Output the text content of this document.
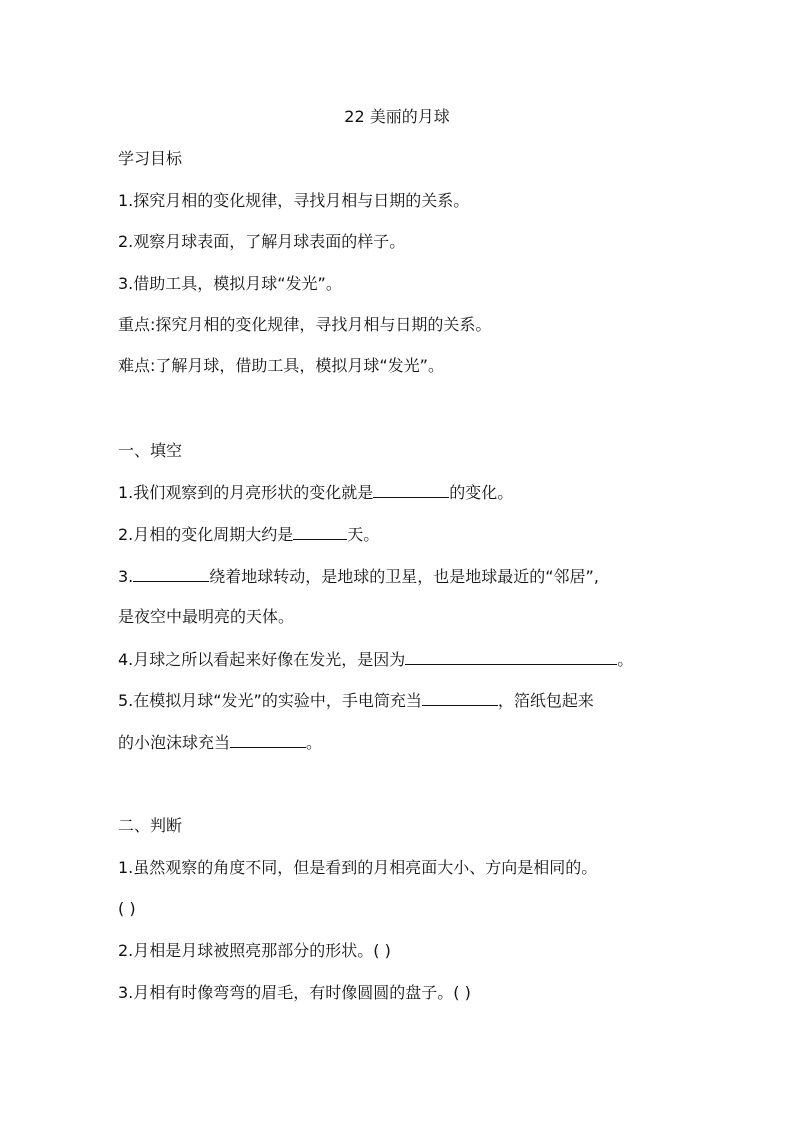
22 美丽的月球
学习目标
1.探究月相的变化规律，寻找月相与日期的关系。
2.观察月球表面，了解月球表面的样子。
3.借助工具，模拟月球“发光”。
重点:探究月相的变化规律，寻找月相与日期的关系。
难点:了解月球，借助工具，模拟月球“发光”。
一、填空
1.我们观察到的月亮形状的变化就是	的变化。
2.月相的变化周期大约是	天。
3.	绕着地球转动，是地球的卫星，也是地球最近的“邻居”,
是夜空中最明亮的天体。
4.月球之所以看起来好像在发光，是因为	。
5.在模拟月球“发光”的实验中，手电筒充当	，箔纸包起来
的小泡沫球充当	。
二、判断
1.虽然观察的角度不同，但是看到的月相亮面大小、方向是相同的。
( )
2.月相是月球被照亮那部分的形状。( )
3.月相有时像弯弯的眉毛，有时像圆圆的盘子。( )
